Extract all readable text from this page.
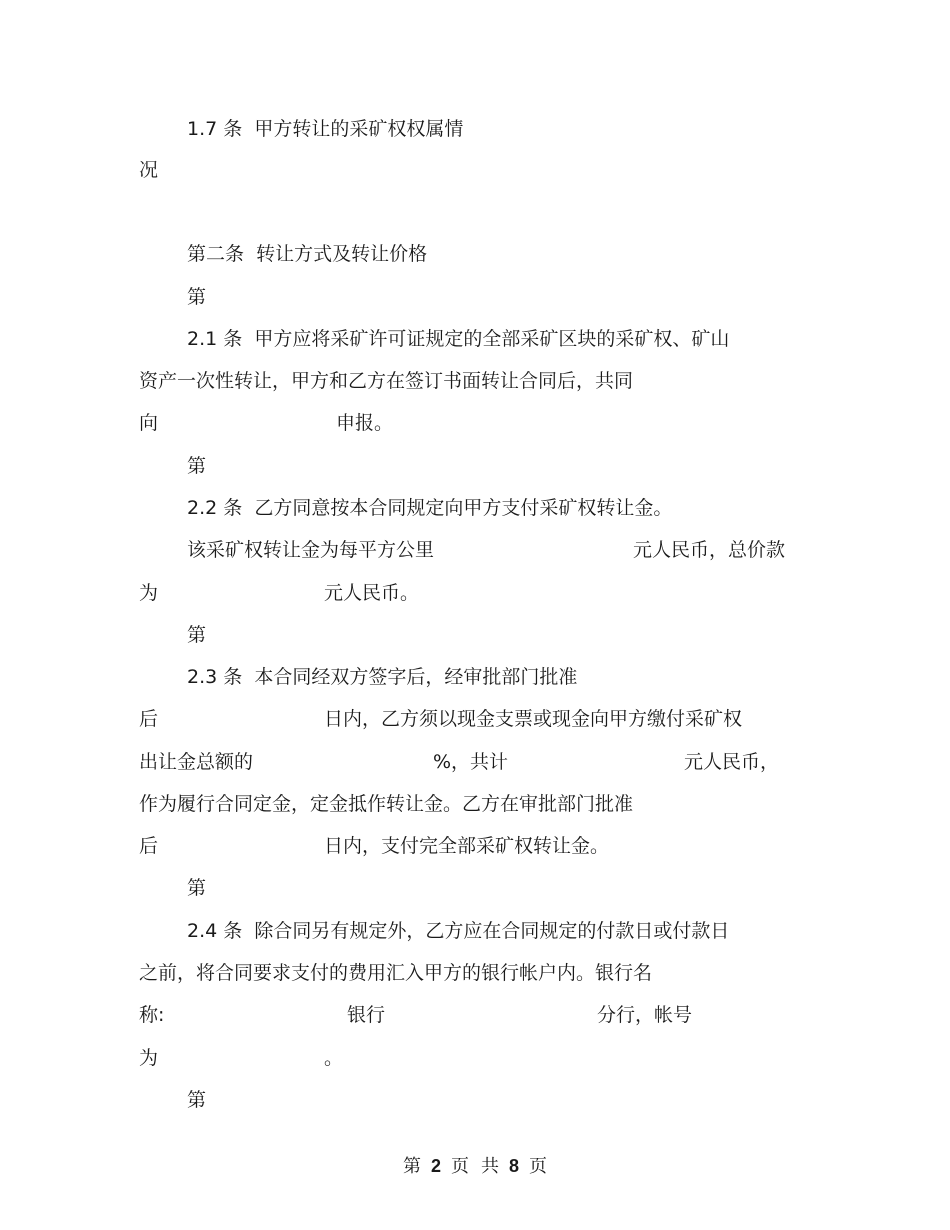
1.7 条  甲方转让的采矿权权属情
况
第二条  转让方式及转让价格
第
2.1 条  甲方应将采矿许可证规定的全部采矿区块的采矿权、矿山
资产一次性转让，甲方和乙方在签订书面转让合同后，共同
向	申报。
第
2.2 条  乙方同意按本合同规定向甲方支付采矿权转让金。
该采矿权转让金为每平方公里	元人民币，总价款
为	元人民币。
第
2.3 条  本合同经双方签字后，经审批部门批准
后	日内，乙方须以现金支票或现金向甲方缴付采矿权
出让金总额的	%，共计	元人民币，
作为履行合同定金，定金抵作转让金。乙方在审批部门批准
后	日内，支付完全部采矿权转让金。
第
2.4 条  除合同另有规定外，乙方应在合同规定的付款日或付款日
之前，将合同要求支付的费用汇入甲方的银行帐户内。银行名
称:	银行	分行，帐号
为	。
第
第 2 页 共 8 页
